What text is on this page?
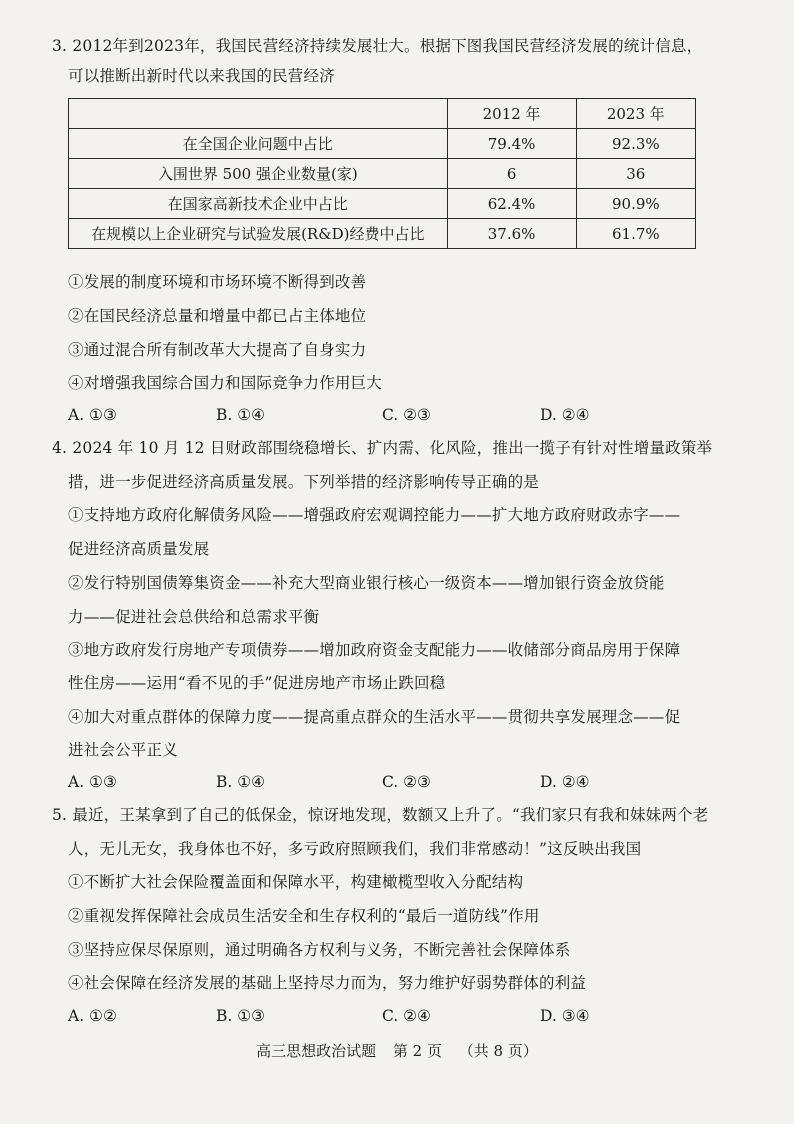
3. 2012年到2023年，我国民营经济持续发展壮大。根据下图我国民营经济发展的统计信息，
可以推断出新时代以来我国的民营经济
	2012 年	2023 年
在全国企业问题中占比	79.4%	92.3%
入围世界 500 强企业数量(家)	6	36
在国家高新技术企业中占比	62.4%	90.9%
在规模以上企业研究与试验发展(R&D)经费中占比	37.6%	61.7%
①发展的制度环境和市场环境不断得到改善
②在国民经济总量和增量中都已占主体地位
③通过混合所有制改革大大提高了自身实力
④对增强我国综合国力和国际竞争力作用巨大
A. ①③	B. ①④	C. ②③	D. ②④
4. 2024 年 10 月 12 日财政部围绕稳增长、扩内需、化风险，推出一揽子有针对性增量政策举
措，进一步促进经济高质量发展。下列举措的经济影响传导正确的是
①支持地方政府化解债务风险——增强政府宏观调控能力——扩大地方政府财政赤字——
促进经济高质量发展
②发行特别国债筹集资金——补充大型商业银行核心一级资本——增加银行资金放贷能
力——促进社会总供给和总需求平衡
③地方政府发行房地产专项债券——增加政府资金支配能力——收储部分商品房用于保障
性住房——运用“看不见的手”促进房地产市场止跌回稳
④加大对重点群体的保障力度——提高重点群众的生活水平——贯彻共享发展理念——促
进社会公平正义
A. ①③	B. ①④	C. ②③	D. ②④
5. 最近，王某拿到了自己的低保金，惊讶地发现，数额又上升了。“我们家只有我和妹妹两个老
人，无儿无女，我身体也不好，多亏政府照顾我们，我们非常感动！”这反映出我国
①不断扩大社会保险覆盖面和保障水平，构建橄榄型收入分配结构
②重视发挥保障社会成员生活安全和生存权利的“最后一道防线”作用
③坚持应保尽保原则，通过明确各方权利与义务，不断完善社会保障体系
④社会保障在经济发展的基础上坚持尽力而为，努力维护好弱势群体的利益
A. ①②	B. ①③	C. ②④	D. ③④
高三思想政治试题 第 2 页 （共 8 页）
